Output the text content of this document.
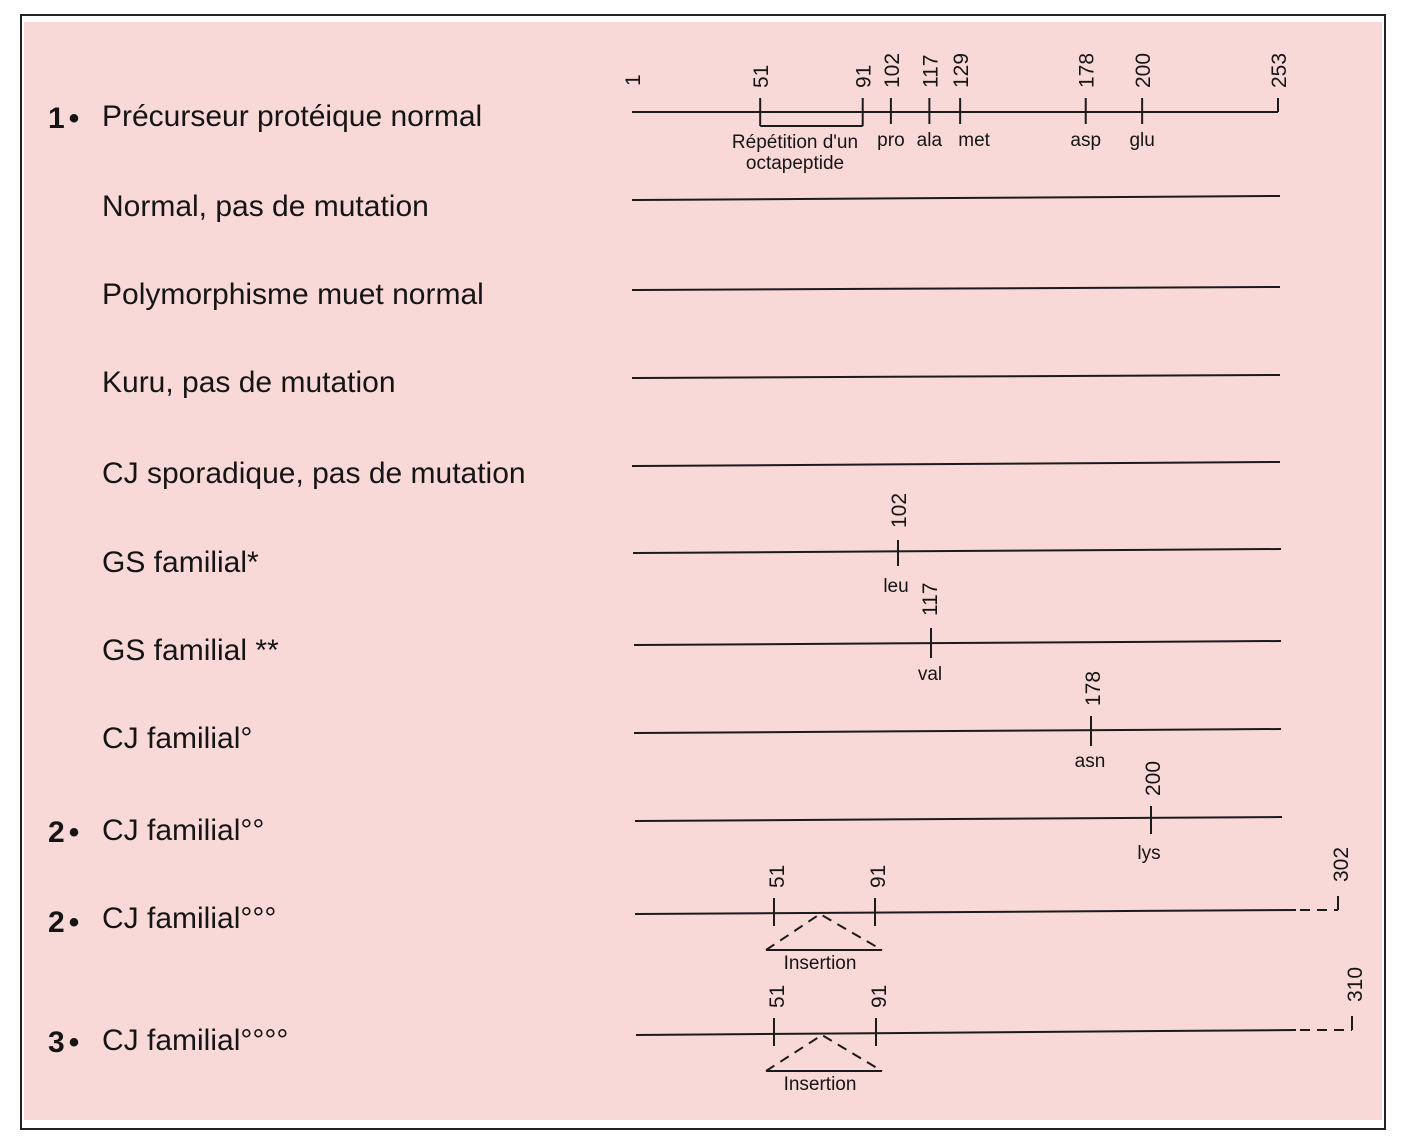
1 • Précurseur protéique normal
1	51	91 102 117 129	178 200	253
pro ala met	asp glu
Répétition d'un
octapeptide
Normal, pas de mutation
Polymorphisme muet normal
Kuru, pas de mutation
CJ sporadique, pas de mutation
GS familial*
102
leu
GS familial **
117
val
CJ familial°
178
asn
2 • CJ familial°°
200
lys
2 • CJ familial°°°
302
51	91
Insertion
3 • CJ familial°°°°
310
51	91
Insertion
